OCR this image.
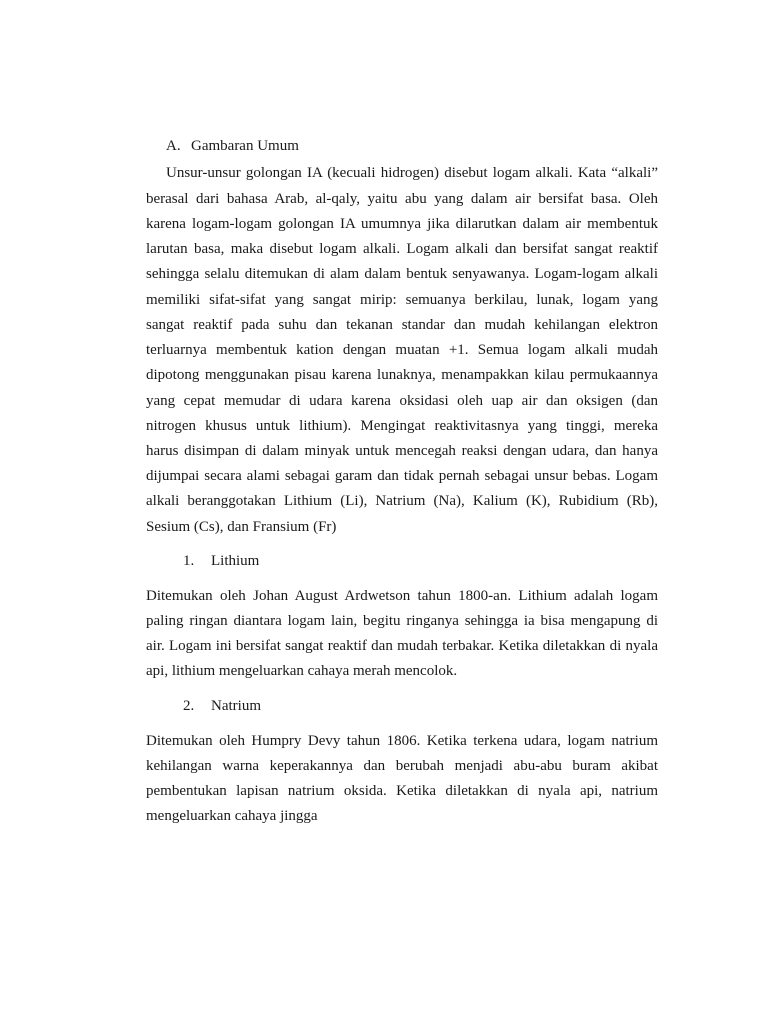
A. Gambaran Umum
Unsur-unsur golongan IA (kecuali hidrogen) disebut logam alkali. Kata “alkali”
berasal dari bahasa Arab, al-qaly, yaitu abu yang dalam air bersifat basa. Oleh
karena logam-logam golongan IA umumnya jika dilarutkan dalam air membentuk
larutan basa, maka disebut logam alkali. Logam alkali dan bersifat sangat reaktif
sehingga selalu ditemukan di alam dalam bentuk senyawanya. Logam-logam alkali
memiliki sifat-sifat yang sangat mirip: semuanya berkilau, lunak, logam yang
sangat reaktif pada suhu dan tekanan standar dan mudah kehilangan elektron
terluarnya membentuk kation dengan muatan +1. Semua logam alkali mudah
dipotong menggunakan pisau karena lunaknya, menampakkan kilau permukaannya
yang cepat memudar di udara karena oksidasi oleh uap air dan oksigen (dan
nitrogen khusus untuk lithium). Mengingat reaktivitasnya yang tinggi, mereka
harus disimpan di dalam minyak untuk mencegah reaksi dengan udara, dan hanya
dijumpai secara alami sebagai garam dan tidak pernah sebagai unsur bebas. Logam
alkali beranggotakan Lithium (Li), Natrium (Na), Kalium (K), Rubidium (Rb),
Sesium (Cs), dan Fransium (Fr)
1. Lithium
Ditemukan oleh Johan August Ardwetson tahun 1800-an. Lithium adalah logam
paling ringan diantara logam lain, begitu ringanya sehingga ia bisa mengapung di
air. Logam ini bersifat sangat reaktif dan mudah terbakar. Ketika diletakkan di nyala
api, lithium mengeluarkan cahaya merah mencolok.
2. Natrium
Ditemukan oleh Humpry Devy tahun 1806. Ketika terkena udara, logam natrium
kehilangan warna keperakannya dan berubah menjadi abu-abu buram akibat
pembentukan lapisan natrium oksida. Ketika diletakkan di nyala api, natrium
mengeluarkan cahaya jingga
